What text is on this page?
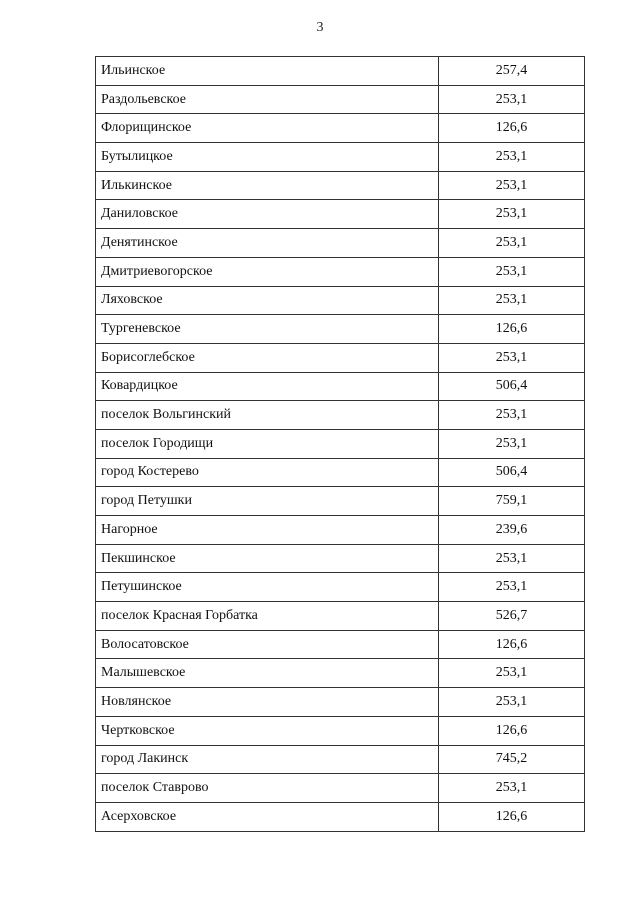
3
Ильинское	257,4
Раздольевское	253,1
Флорищинское	126,6
Бутылицкое	253,1
Илькинское	253,1
Даниловское	253,1
Денятинское	253,1
Дмитриевогорское	253,1
Ляховское	253,1
Тургеневское	126,6
Борисоглебское	253,1
Ковардицкое	506,4
поселок Вольгинский	253,1
поселок Городищи	253,1
город Костерево	506,4
город Петушки	759,1
Нагорное	239,6
Пекшинское	253,1
Петушинское	253,1
поселок Красная Горбатка	526,7
Волосатовское	126,6
Малышевское	253,1
Новлянское	253,1
Чертковское	126,6
город Лакинск	745,2
поселок Ставрово	253,1
Асерховское	126,6
